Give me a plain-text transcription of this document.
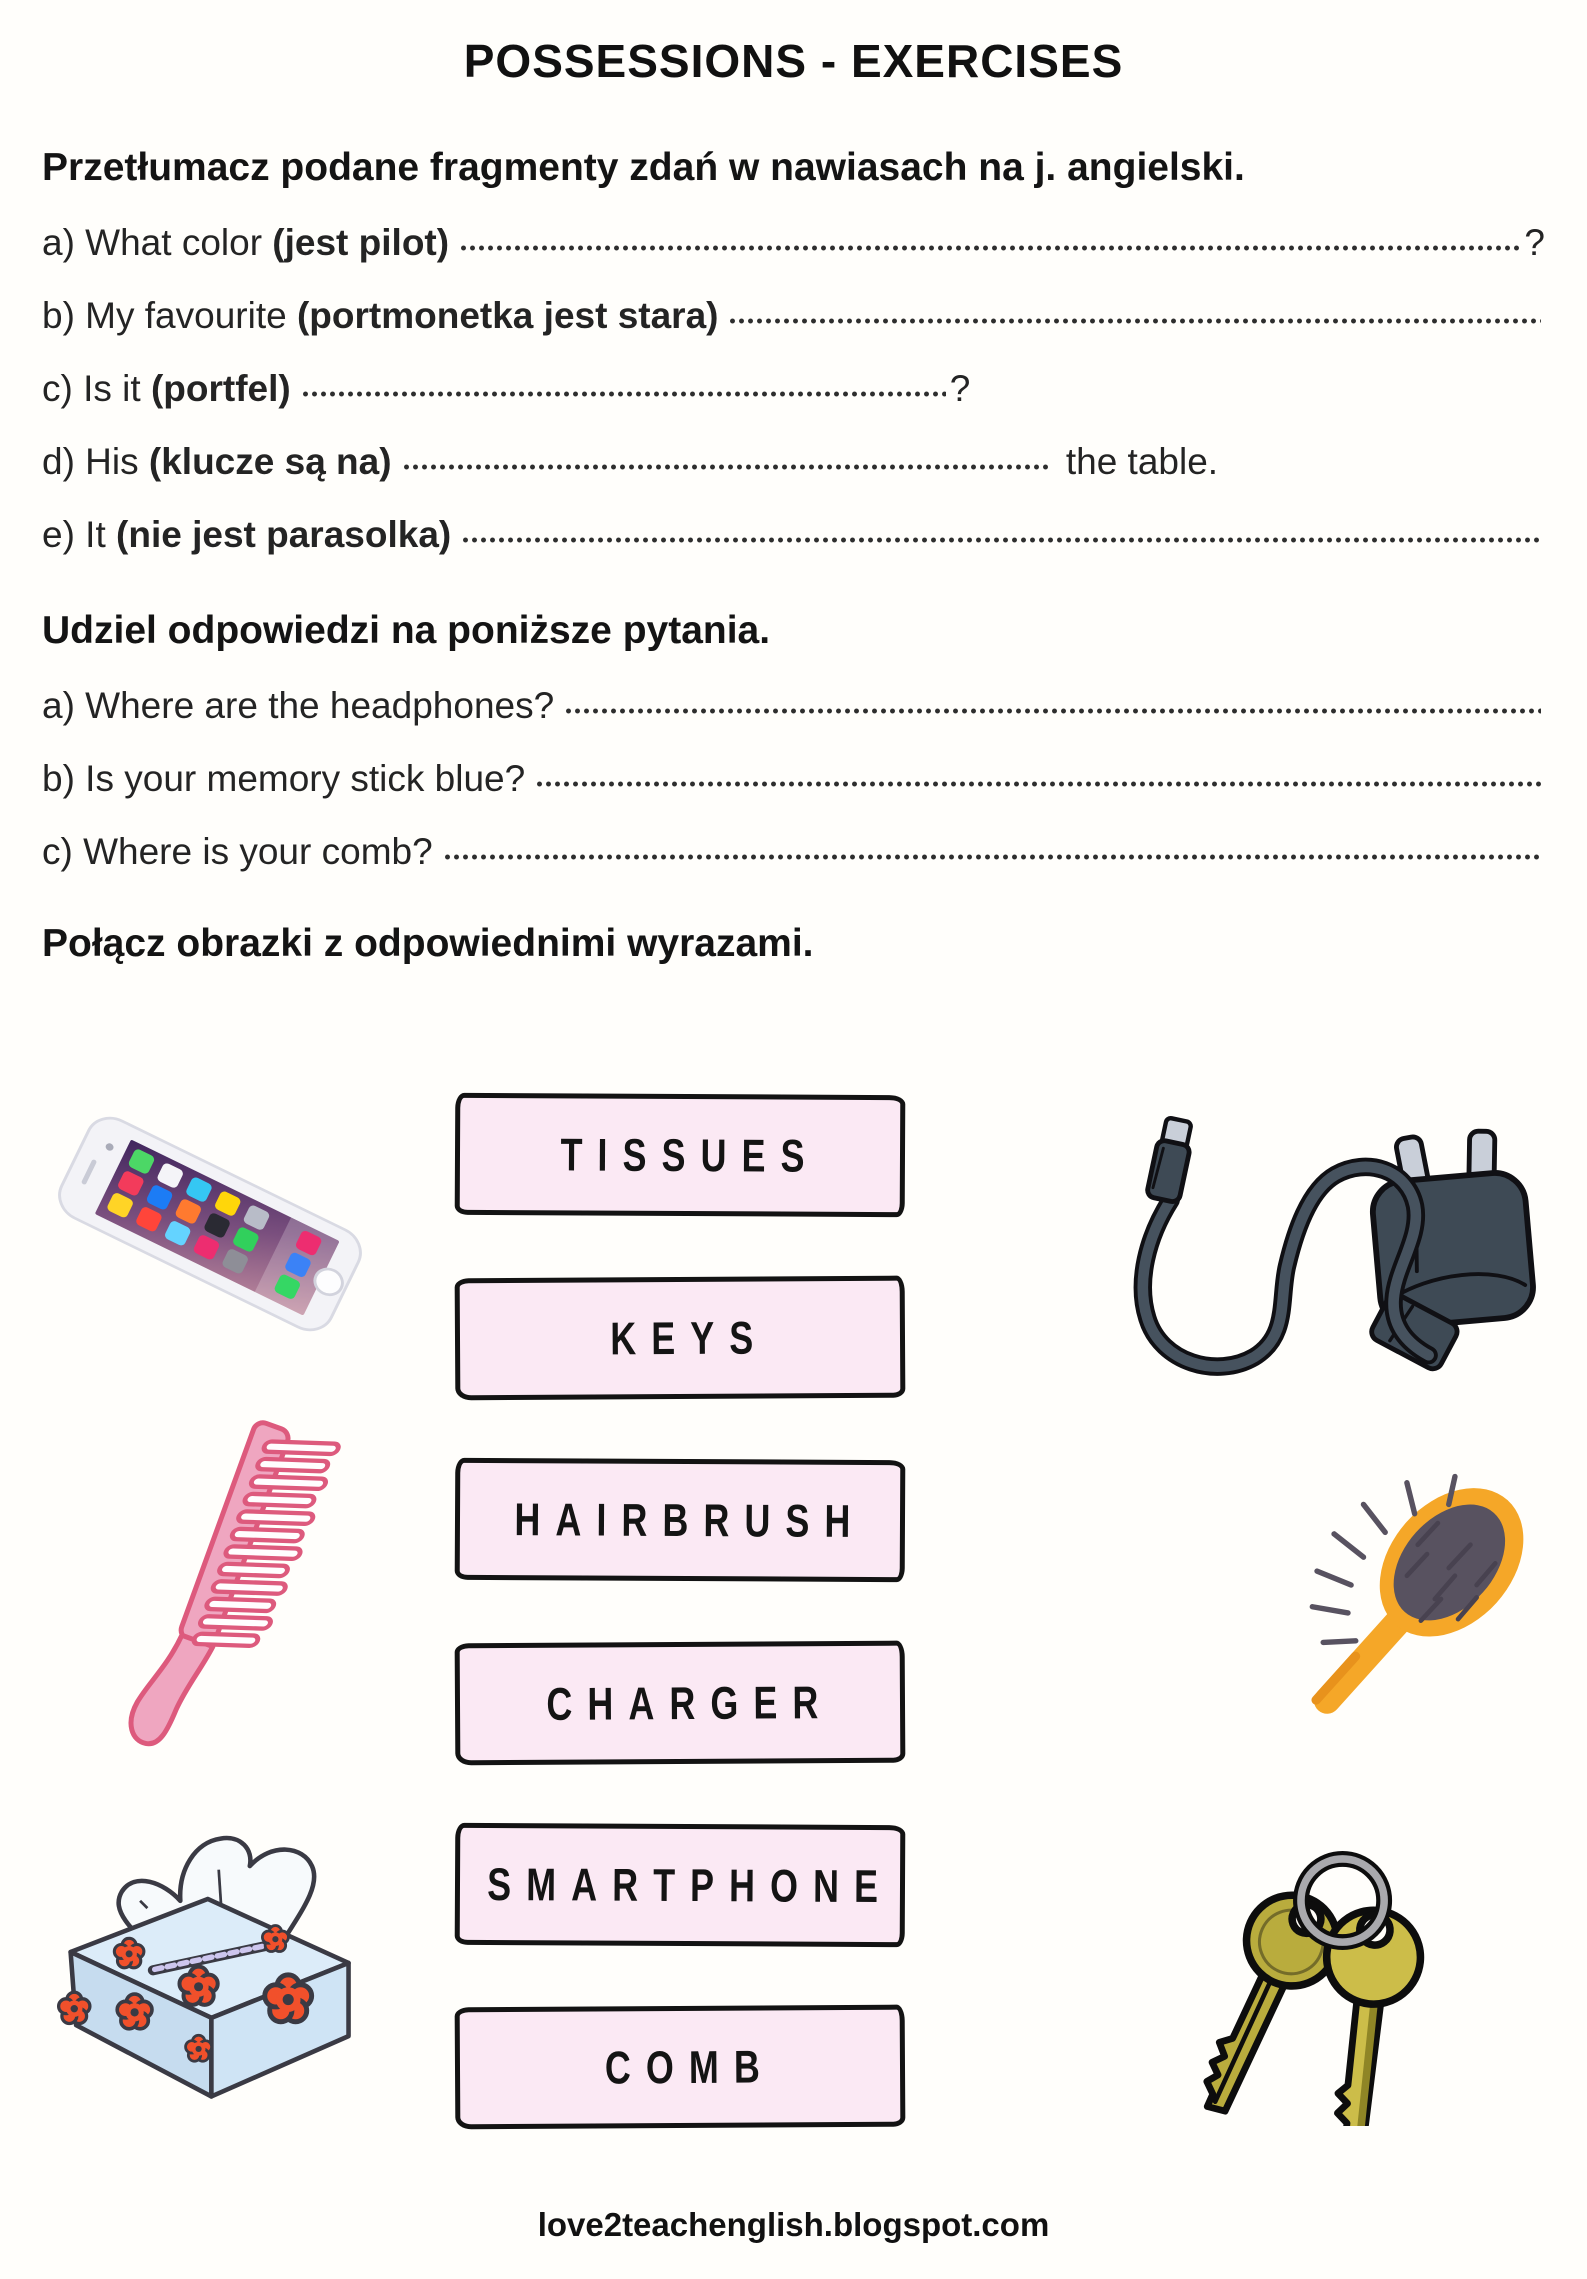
POSSESSIONS - EXERCISES
Przetłumacz podane fragmenty zdań w nawiasach na j. angielski.
a) What color (jest pilot)	?
b) My favourite (portmonetka jest stara)
c) Is it (portfel)	?
d) His (klucze są na)	the table.
e) It (nie jest parasolka)
Udziel odpowiedzi na poniższe pytania.
a) Where are the headphones?
b) Is your memory stick blue?
c) Where is your comb?
Połącz obrazki z odpowiednimi wyrazami.
TISSUES
KEYS
HAIRBRUSH
CHARGER
SMARTPHONE
COMB
love2teachenglish.blogspot.com
